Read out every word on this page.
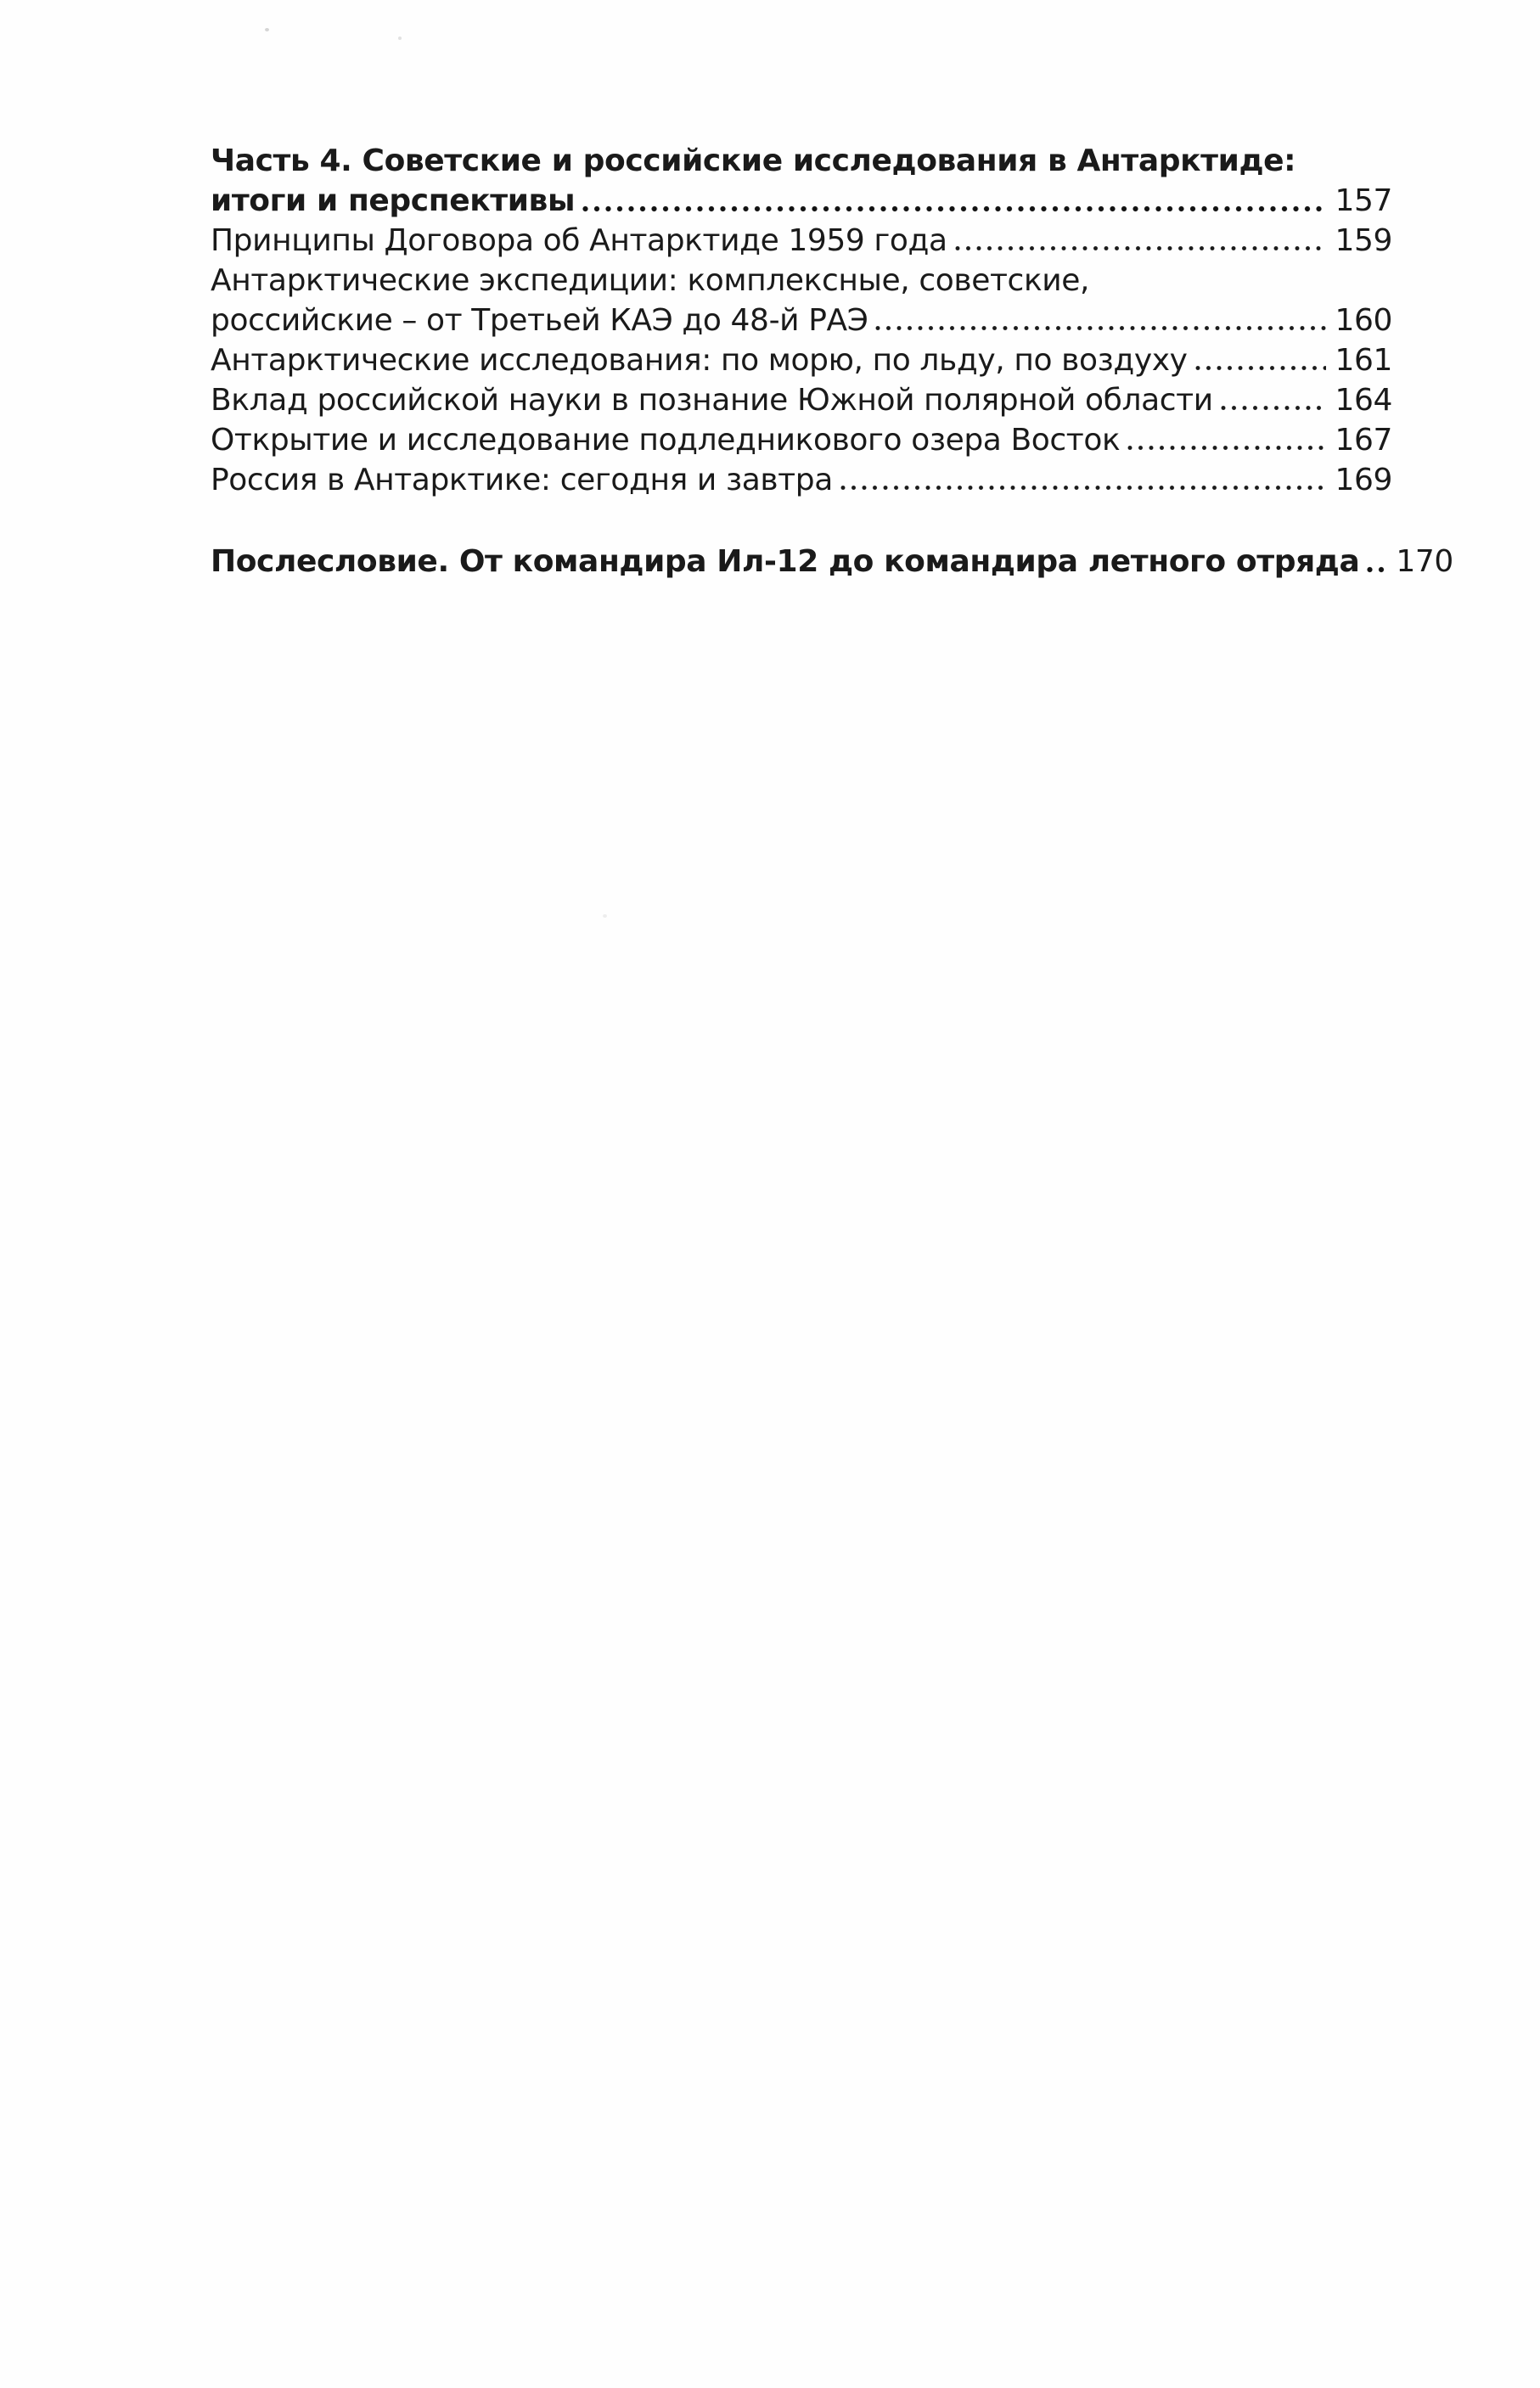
Часть 4. Советские и российские исследования в Антарктиде:
итоги и перспективы	157
Принципы Договора об Антарктиде 1959 года	159
Антарктические экспедиции: комплексные, советские,
российские – от Третьей КАЭ до 48-й РАЭ	160
Антарктические исследования: по морю, по льду, по воздуху	161
Вклад российской науки в познание Южной полярной области	164
Открытие и исследование подледникового озера Восток	167
Россия в Антарктике: сегодня и завтра	169
Послесловие. От командира Ил-12 до командира летного отряда 170
